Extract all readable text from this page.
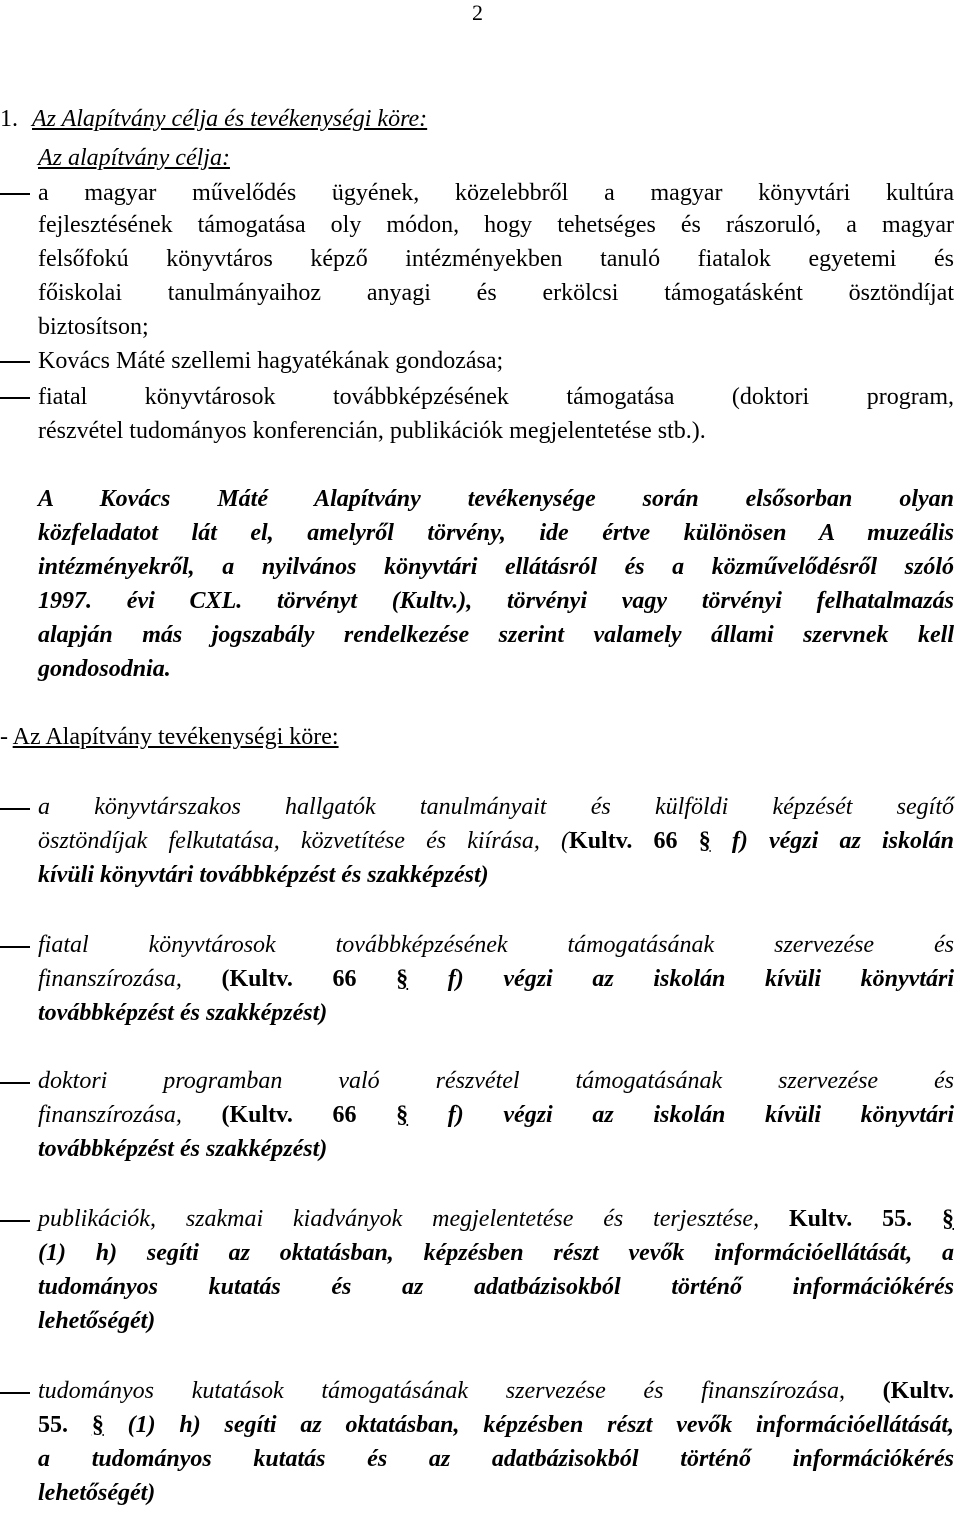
2
1. Az Alapítvány célja és tevékenységi köre:
Az alapítvány célja:
a magyar művelődés ügyének, közelebbről a magyar könyvtári kultúra
fejlesztésének támogatása oly módon, hogy tehetséges és rászoruló, a magyar
felsőfokú könyvtáros képző intézményekben tanuló fiatalok egyetemi és
főiskolai tanulmányaihoz anyagi és erkölcsi támogatásként ösztöndíjat
biztosítson;
Kovács Máté szellemi hagyatékának gondozása;
fiatal könyvtárosok továbbképzésének támogatása (doktori program,
részvétel tudományos konferencián, publikációk megjelentetése stb.).
A Kovács Máté Alapítvány tevékenysége során elsősorban olyan
közfeladatot lát el, amelyről törvény, ide értve különösen A muzeális
intézményekről, a nyilvános könyvtári ellátásról és a közművelődésről szóló
1997. évi CXL. törvényt (Kultv.), törvényi vagy törvényi felhatalmazás
alapján más jogszabály rendelkezése szerint valamely állami szervnek kell
gondosodnia.
- Az Alapítvány tevékenységi köre:
a könyvtárszakos hallgatók tanulmányait és külföldi képzését segítő
ösztöndíjak felkutatása, közvetítése és kiírása, (Kultv. 66 § f) végzi az iskolán
kívüli könyvtári továbbképzést és szakképzést)
fiatal könyvtárosok továbbképzésének támogatásának szervezése és
finanszírozása, (Kultv. 66 § f) végzi az iskolán kívüli könyvtári
továbbképzést és szakképzést)
doktori programban való részvétel támogatásának szervezése és
finanszírozása, (Kultv. 66 § f) végzi az iskolán kívüli könyvtári
továbbképzést és szakképzést)
publikációk, szakmai kiadványok megjelentetése és terjesztése, Kultv. 55. §
(1) h) segíti az oktatásban, képzésben részt vevők információellátását, a
tudományos kutatás és az adatbázisokból történő információkérés
lehetőségét)
tudományos kutatások támogatásának szervezése és finanszírozása, (Kultv.
55. § (1) h) segíti az oktatásban, képzésben részt vevők információellátását,
a tudományos kutatás és az adatbázisokból történő információkérés
lehetőségét)
